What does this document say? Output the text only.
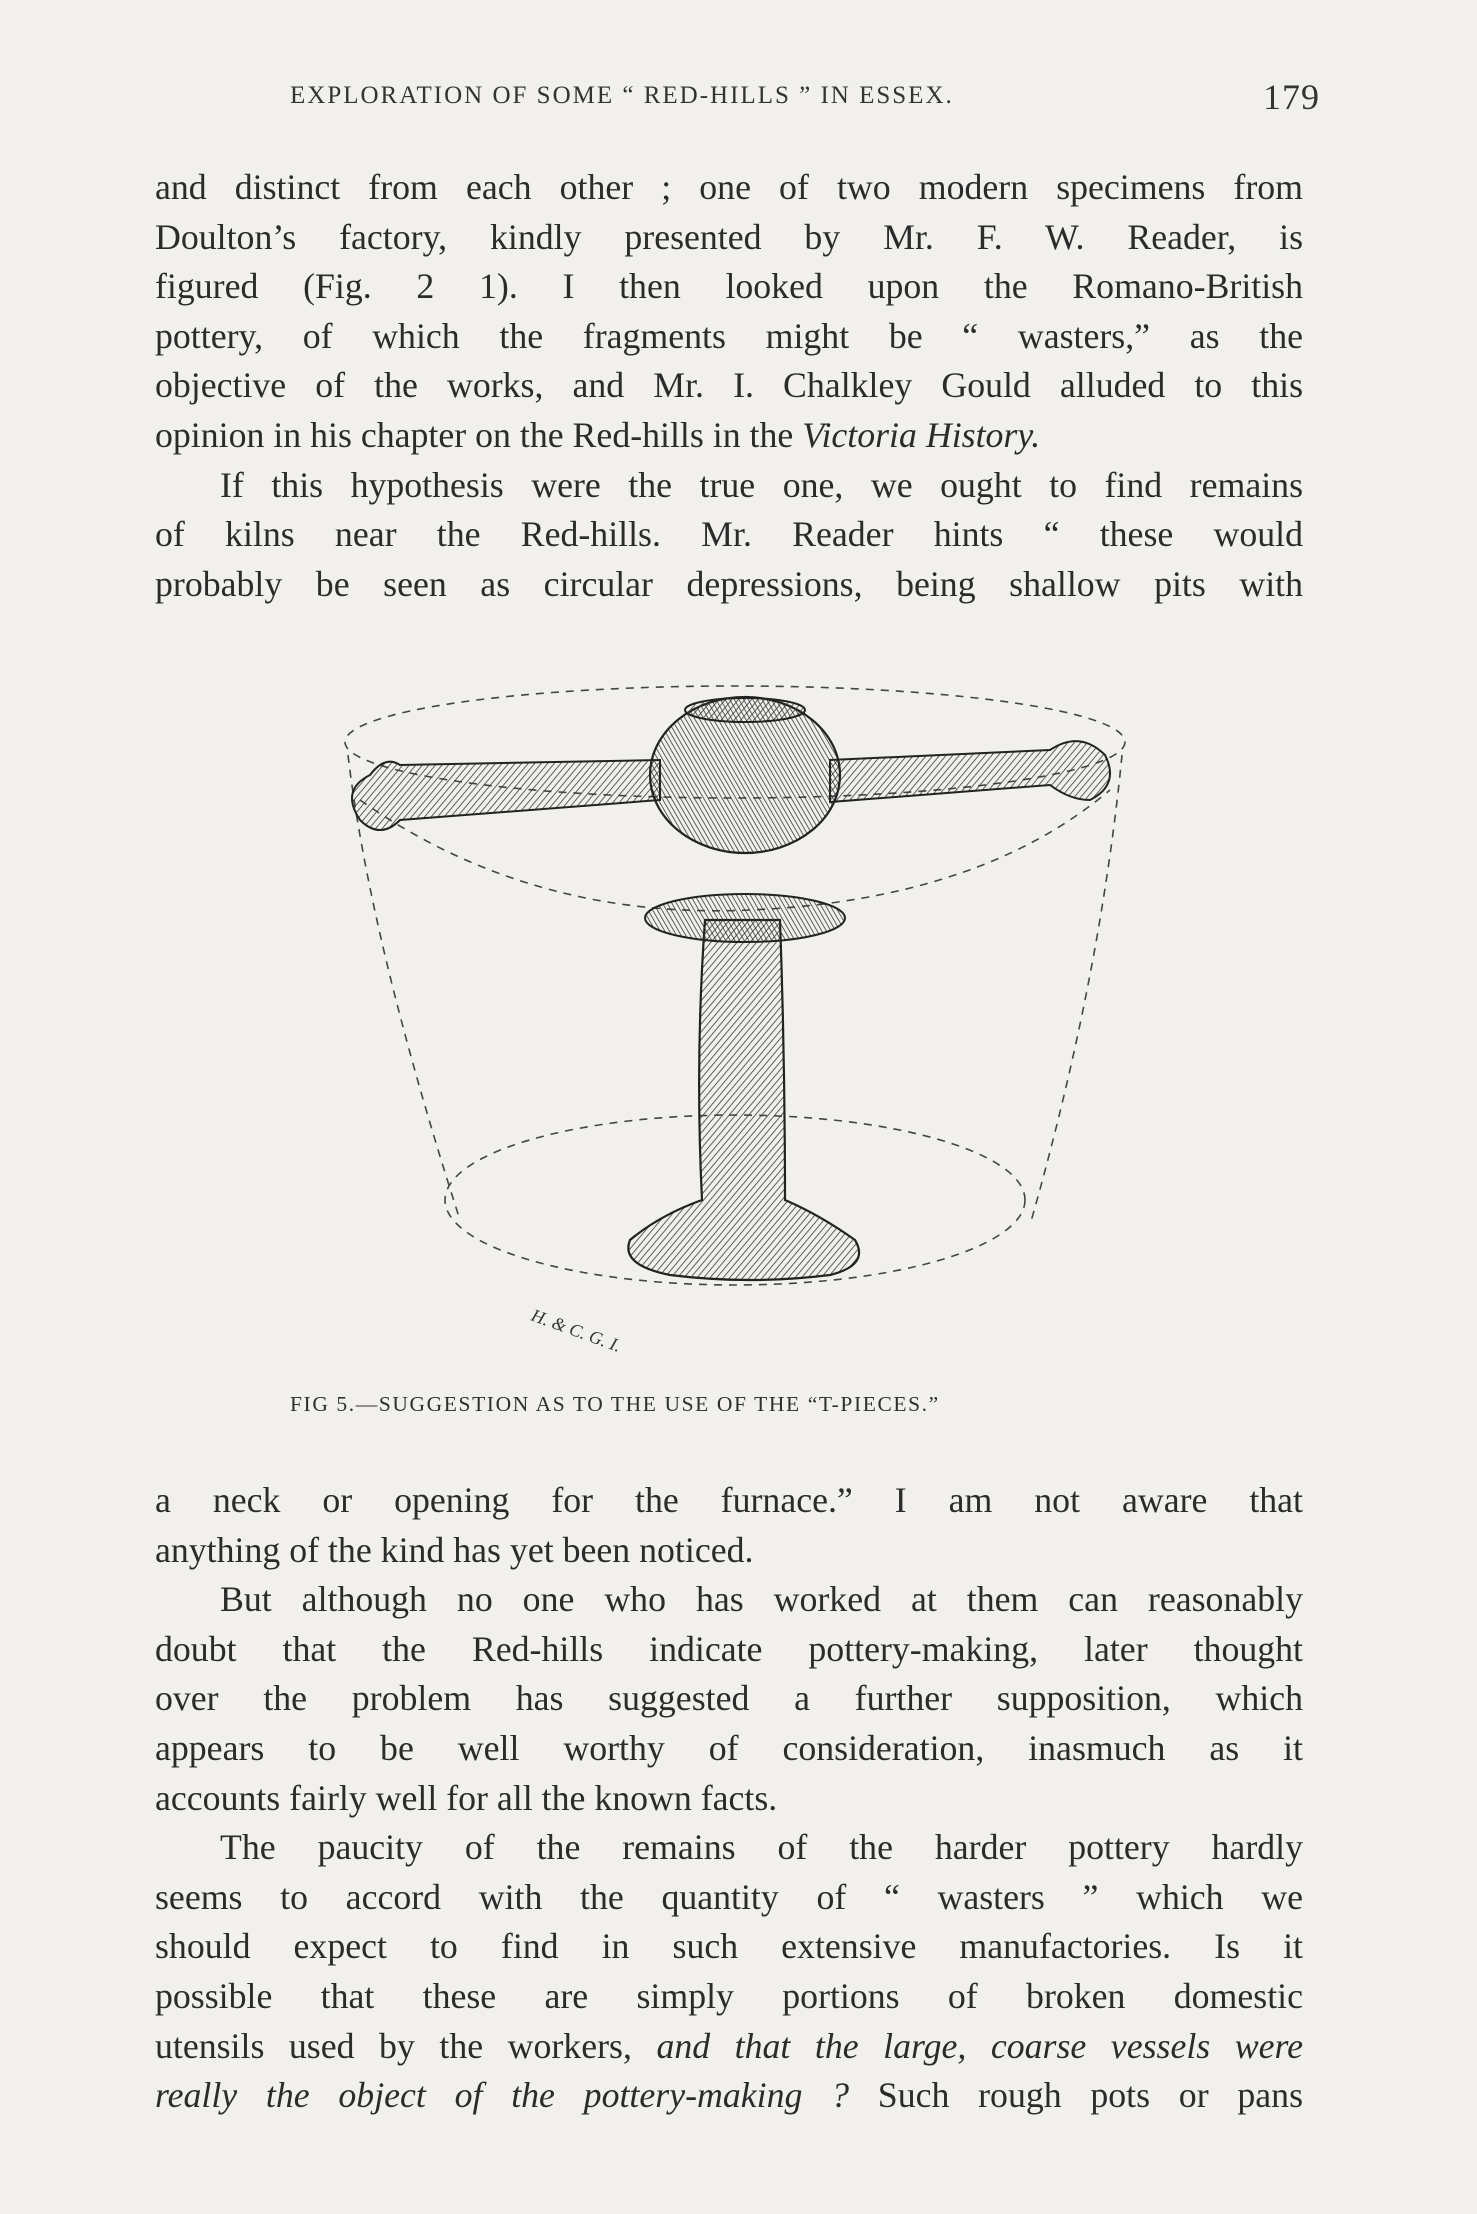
EXPLORATION OF SOME “ RED-HILLS ” IN ESSEX.	179
and distinct from each other ; one of two modern specimens from
Doulton’s factory, kindly presented by Mr. F. W. Reader, is
figured (Fig. 2 1). I then looked upon the Romano-British
pottery, of which the fragments might be “ wasters,” as the
objective of the works, and Mr. I. Chalkley Gould alluded to this
opinion in his chapter on the Red-hills in the Victoria History.
If this hypothesis were the true one, we ought to find remains
of kilns near the Red-hills. Mr. Reader hints “ these would
probably be seen as circular depressions, being shallow pits with
H. & C. G. I.
FIG 5.—SUGGESTION AS TO THE USE OF THE “T-PIECES.”
a neck or opening for the furnace.” I am not aware that
anything of the kind has yet been noticed.
But although no one who has worked at them can reasonably
doubt that the Red-hills indicate pottery-making, later thought
over the problem has suggested a further supposition, which
appears to be well worthy of consideration, inasmuch as it
accounts fairly well for all the known facts.
The paucity of the remains of the harder pottery hardly
seems to accord with the quantity of “ wasters ” which we
should expect to find in such extensive manufactories. Is it
possible that these are simply portions of broken domestic
utensils used by the workers, and that the large, coarse vessels were
really the object of the pottery-making ? Such rough pots or pans
